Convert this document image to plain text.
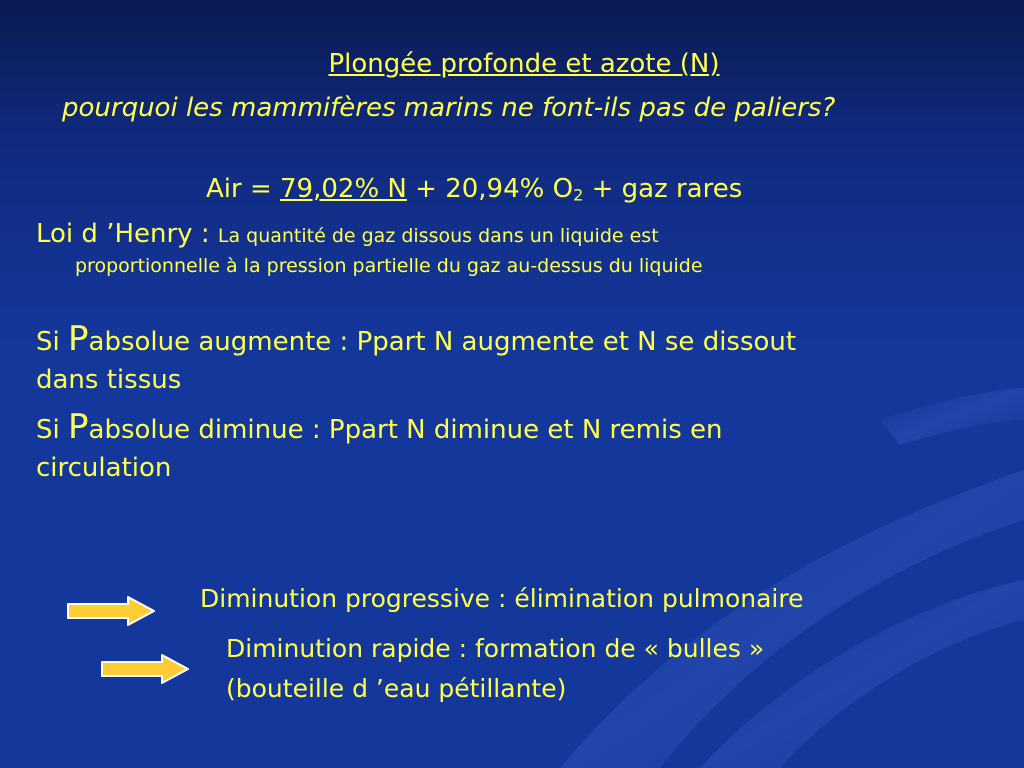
Plongée profonde et azote (N)

pourquoi les mammifères marins ne font-ils pas de paliers?

Air = 79,02% N + 20,94% $O_2$ + gaz rares

Loi d ’Henry : La quantité de gaz dissous dans un liquide est

proportionnelle à la pression partielle du gaz au-dessus du liquide

Si Pabsolue augmente : Ppart N augmente et N se dissout

dans tissus

Si Pabsolue diminue : Ppart N diminue et N remis en

circulation

Diminution progressive : élimination pulmonaire

Diminution rapide : formation de « bulles »

(bouteille d ’eau pétillante)
